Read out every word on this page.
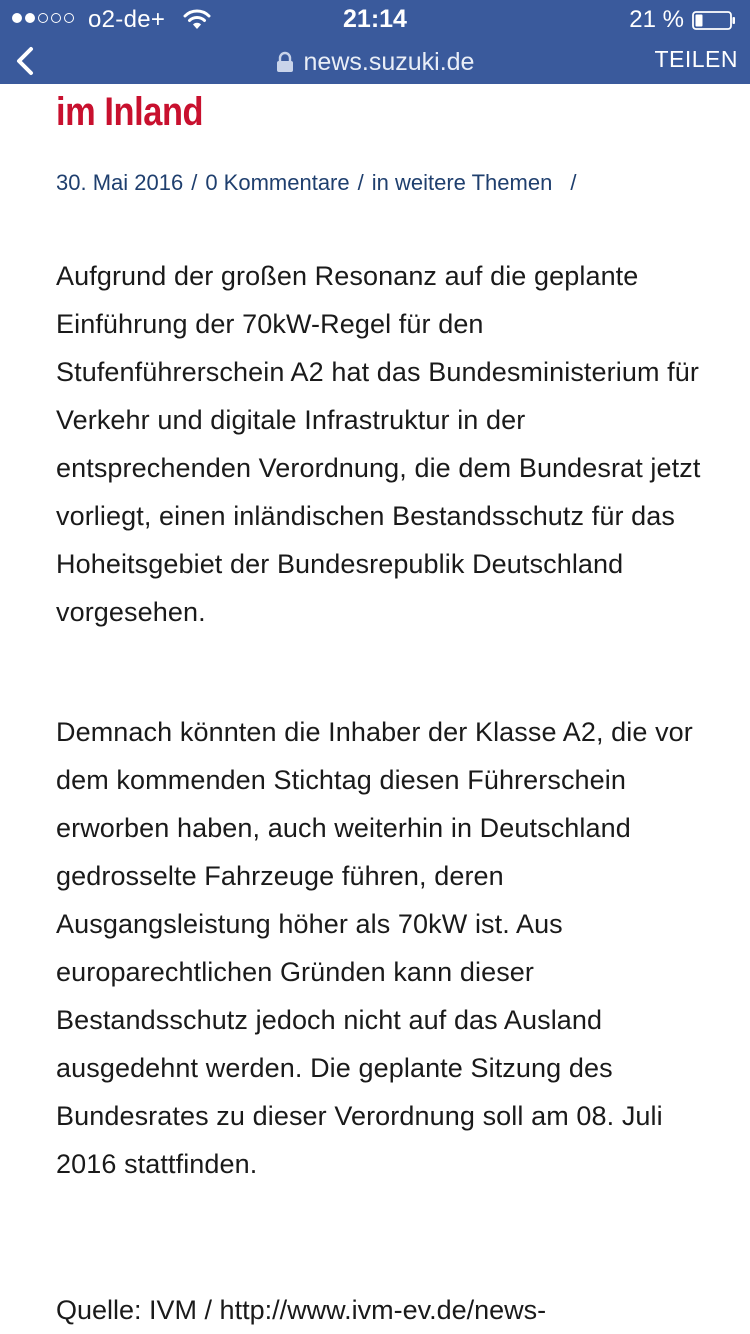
o2-de+	21:14	21 %
news.suzuki.de	TEILEN
im Inland
30. Mai 2016 / 0 Kommentare / in weitere Themen /

Aufgrund der großen Resonanz auf die geplante Einführung der 70kW-Regel für den Stufenführerschein A2 hat das Bundesministerium für Verkehr und digitale Infrastruktur in der entsprechenden Verordnung, die dem Bundesrat jetzt vorliegt, einen inländischen Bestandsschutz für das Hoheitsgebiet der Bundesrepublik Deutschland vorgesehen.

Demnach könnten die Inhaber der Klasse A2, die vor dem kommenden Stichtag diesen Führerschein erworben haben, auch weiterhin in Deutschland gedrosselte Fahrzeuge führen, deren Ausgangsleistung höher als 70kW ist. Aus europarechtlichen Gründen kann dieser Bestandsschutz jedoch nicht auf das Ausland ausgedehnt werden. Die geplante Sitzung des Bundesrates zu dieser Verordnung soll am 08. Juli 2016 stattfinden.

Quelle: IVM / http://www.ivm-ev.de/news-
